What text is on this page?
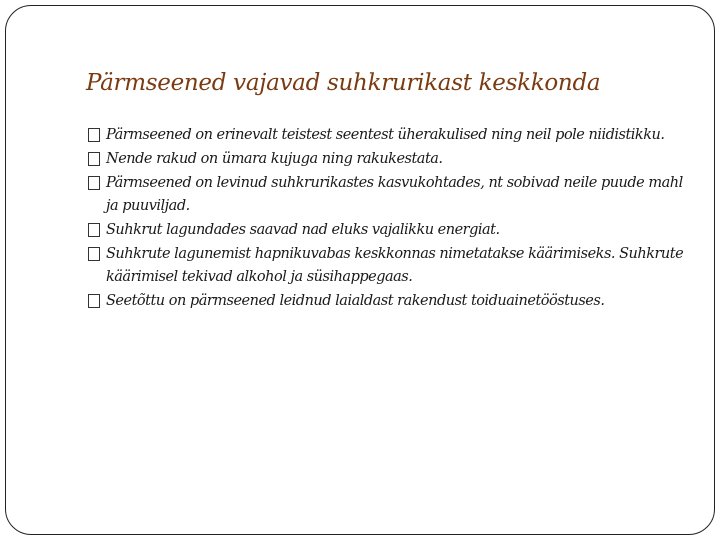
Pärmseened vajavad suhkrurikast keskkonda
Pärmseened on erinevalt teistest seentest üherakulised ning neil pole niidistikku.
Nende rakud on ümara kujuga ning rakukestata.
Pärmseened on levinud suhkrurikastes kasvukohtades, nt sobivad neile puude mahl ja puuviljad.
Suhkrut lagundades saavad nad eluks vajalikku energiat.
Suhkrute lagunemist hapnikuvabas keskkonnas nimetatakse käärimiseks. Suhkrute käärimisel tekivad alkohol ja süsihappegaas.
Seetõttu on pärmseened leidnud laialdast rakendust toiduainetööstuses.
